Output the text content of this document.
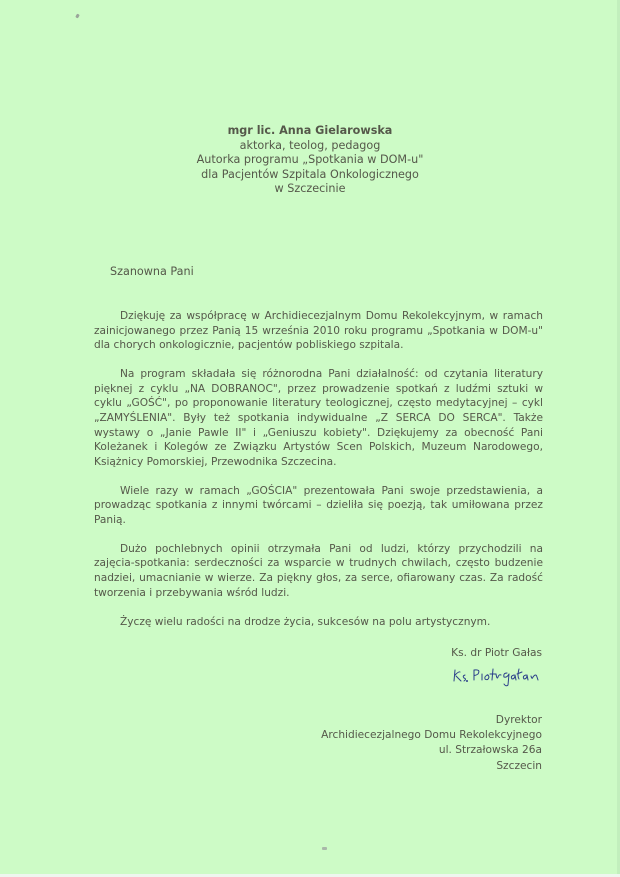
mgr lic. Anna Gielarowska
aktorka, teolog, pedagog
Autorka programu „Spotkania w DOM-u"
dla Pacjentów Szpitala Onkologicznego
w Szczecinie
Szanowna Pani

Dziękuję za współpracę w Archidiecezjalnym Domu Rekolekcyjnym, w ramach zainicjowanego przez Panią 15 września 2010 roku programu „Spotkania w DOM-u" dla chorych onkologicznie, pacjentów pobliskiego szpitala.

Na program składała się różnorodna Pani działalność: od czytania literatury pięknej z cyklu „NA DOBRANOC", przez prowadzenie spotkań z ludźmi sztuki w cyklu „GOŚĆ", po proponowanie literatury teologicznej, często medytacyjnej – cykl „ZAMYŚLENIA". Były też spotkania indywidualne „Z SERCA DO SERCA". Także wystawy o „Janie Pawle II" i „Geniuszu kobiety". Dziękujemy za obecność Pani Koleżanek i Kolegów ze Związku Artystów Scen Polskich, Muzeum Narodowego, Książnicy Pomorskiej, Przewodnika Szczecina.

Wiele razy w ramach „GOŚCIA" prezentowała Pani swoje przedstawienia, a prowadząc spotkania z innymi twórcami – dzieliła się poezją, tak umiłowana przez Panią.

Dużo pochlebnych opinii otrzymała Pani od ludzi, którzy przychodzili na zajęcia-spotkania: serdeczności za wsparcie w trudnych chwilach, często budzenie nadziei, umacnianie w wierze. Za piękny głos, za serce, ofiarowany czas. Za radość tworzenia i przebywania wśród ludzi.

Życzę wielu radości na drodze życia, sukcesów na polu artystycznym.

Ks. dr Piotr Gałas
Dyrektor
Archidiecezjalnego Domu Rekolekcyjnego
ul. Strzałowska 26a
Szczecin
